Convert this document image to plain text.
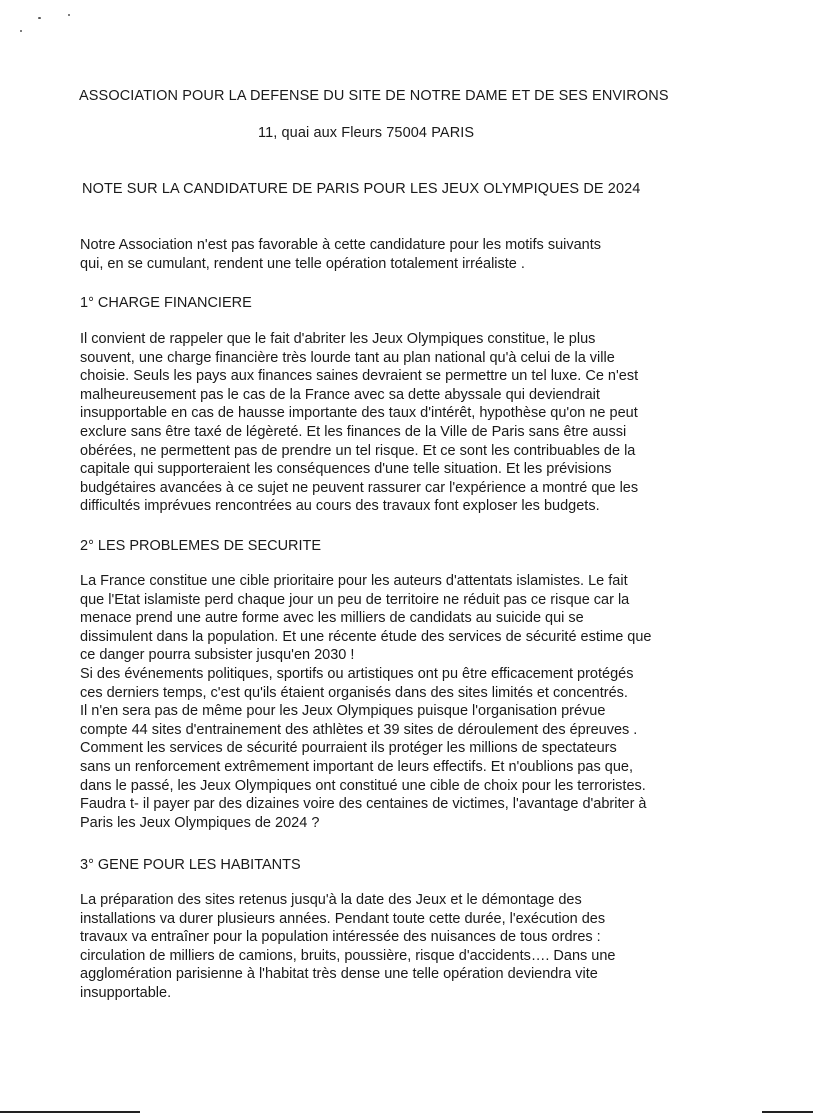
ASSOCIATION POUR LA DEFENSE DU SITE DE NOTRE DAME ET DE SES ENVIRONS
11, quai aux Fleurs 75004 PARIS
NOTE SUR LA CANDIDATURE DE PARIS POUR LES JEUX OLYMPIQUES DE 2024
Notre Association n'est pas favorable à cette candidature pour les motifs suivants
qui, en se cumulant, rendent une telle opération totalement irréaliste .
1° CHARGE FINANCIERE
Il convient de rappeler que le fait d'abriter les Jeux Olympiques constitue, le plus
souvent, une charge financière très lourde tant au plan national qu'à celui de la ville
choisie. Seuls les pays aux finances saines devraient se permettre un tel luxe. Ce n'est
malheureusement pas le cas de la France avec sa dette abyssale qui deviendrait
insupportable en cas de hausse importante des taux d'intérêt, hypothèse qu'on ne peut
exclure sans être taxé de légèreté. Et les finances de la Ville de Paris sans être aussi
obérées, ne permettent pas de prendre un tel risque. Et ce sont les contribuables de la
capitale qui supporteraient les conséquences d'une telle situation. Et les prévisions
budgétaires avancées à ce sujet ne peuvent rassurer car l'expérience a montré que les
difficultés imprévues rencontrées au cours des travaux font exploser les budgets.
2° LES PROBLEMES DE SECURITE
La France constitue une cible prioritaire pour les auteurs d'attentats islamistes. Le fait
que l'Etat islamiste perd chaque jour un peu de territoire ne réduit pas ce risque car la
menace prend une autre forme avec les milliers de candidats au suicide qui se
dissimulent dans la population. Et une récente étude des services de sécurité estime que
ce danger pourra subsister jusqu'en 2030 !
Si des événements politiques, sportifs ou artistiques ont pu être efficacement protégés
ces derniers temps, c'est qu'ils étaient organisés dans des sites limités et concentrés.
Il n'en sera pas de même pour les Jeux Olympiques puisque l'organisation prévue
compte 44 sites d'entrainement des athlètes et 39 sites de déroulement des épreuves .
Comment les services de sécurité pourraient ils protéger les millions de spectateurs
sans un renforcement extrêmement important de leurs effectifs. Et n'oublions pas que,
dans le passé, les Jeux Olympiques ont constitué une cible de choix pour les terroristes.
Faudra t- il payer par des dizaines voire des centaines de victimes, l'avantage d'abriter à
Paris les Jeux Olympiques de 2024 ?
3° GENE POUR LES HABITANTS
La préparation des sites retenus jusqu'à la date des Jeux et le démontage des
installations va durer plusieurs années. Pendant toute cette durée, l'exécution des
travaux va entraîner pour la population intéressée des nuisances de tous ordres :
circulation de milliers de camions, bruits, poussière, risque d'accidents…. Dans une
agglomération parisienne à l'habitat très dense une telle opération deviendra vite
insupportable.
